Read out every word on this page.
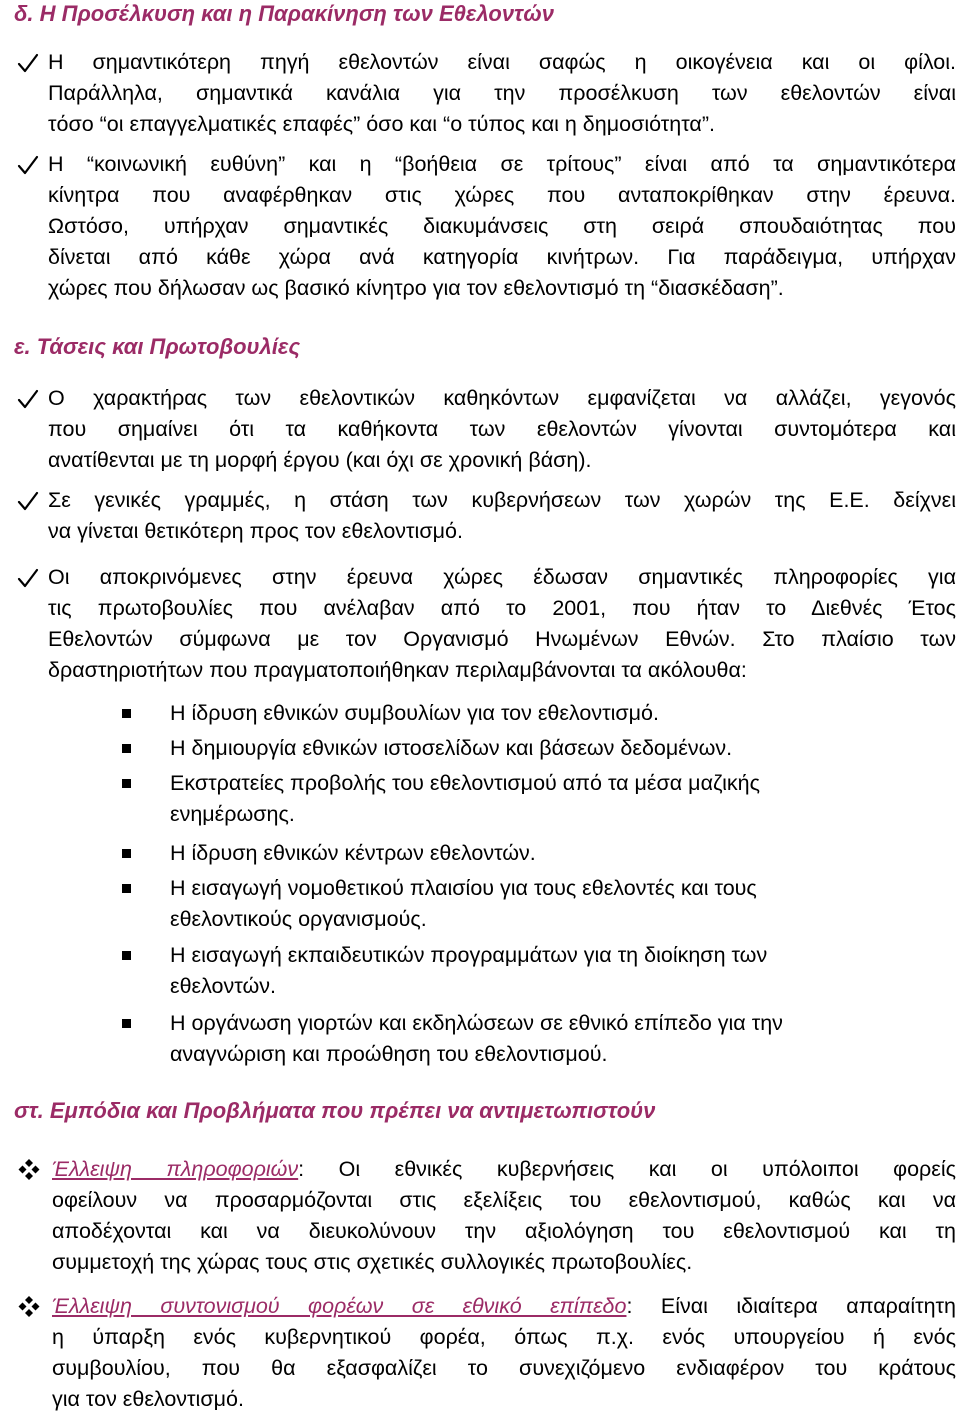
δ. Η Προσέλκυση και η Παρακίνηση των Εθελοντών
Η σημαντικότερη πηγή εθελοντών είναι σαφώς η οικογένεια και οι φίλοι.
Παράλληλα, σημαντικά κανάλια για την προσέλκυση των εθελοντών είναι
τόσο “οι επαγγελματικές επαφές” όσο και “ο τύπος και η δημοσιότητα”.
Η “κοινωνική ευθύνη” και η “βοήθεια σε τρίτους” είναι από τα σημαντικότερα
κίνητρα που αναφέρθηκαν στις χώρες που ανταποκρίθηκαν στην έρευνα.
Ωστόσο, υπήρχαν σημαντικές διακυμάνσεις στη σειρά σπουδαιότητας που
δίνεται από κάθε χώρα ανά κατηγορία κινήτρων. Για παράδειγμα, υπήρχαν
χώρες που δήλωσαν ως βασικό κίνητρο για τον εθελοντισμό τη “διασκέδαση”.
ε. Τάσεις και Πρωτοβουλίες
Ο χαρακτήρας των εθελοντικών καθηκόντων εμφανίζεται να αλλάζει, γεγονός
που σημαίνει ότι τα καθήκοντα των εθελοντών γίνονται συντομότερα και
ανατίθενται με τη μορφή έργου (και όχι σε χρονική βάση).
Σε γενικές γραμμές, η στάση των κυβερνήσεων των χωρών της Ε.Ε. δείχνει
να γίνεται θετικότερη προς τον εθελοντισμό.
Οι αποκρινόμενες στην έρευνα χώρες έδωσαν σημαντικές πληροφορίες για
τις πρωτοβουλίες που ανέλαβαν από το 2001, που ήταν το Διεθνές Έτος
Εθελοντών σύμφωνα με τον Οργανισμό Ηνωμένων Εθνών. Στο πλαίσιο των
δραστηριοτήτων που πραγματοποιήθηκαν περιλαμβάνονται τα ακόλουθα:
Η ίδρυση εθνικών συμβουλίων για τον εθελοντισμό.
Η δημιουργία εθνικών ιστοσελίδων και βάσεων δεδομένων.
Εκστρατείες προβολής του εθελοντισμού από τα μέσα μαζικής
ενημέρωσης.
Η ίδρυση εθνικών κέντρων εθελοντών.
Η εισαγωγή νομοθετικού πλαισίου για τους εθελοντές και τους
εθελοντικούς οργανισμούς.
Η εισαγωγή εκπαιδευτικών προγραμμάτων για τη διοίκηση των
εθελοντών.
Η οργάνωση γιορτών και εκδηλώσεων σε εθνικό επίπεδο για την
αναγνώριση και προώθηση του εθελοντισμού.
στ. Εμπόδια και Προβλήματα που πρέπει να αντιμετωπιστούν
Έλλειψη πληροφοριών: Οι εθνικές κυβερνήσεις και οι υπόλοιποι φορείς
οφείλουν να προσαρμόζονται στις εξελίξεις του εθελοντισμού, καθώς και να
αποδέχονται και να διευκολύνουν την αξιολόγηση του εθελοντισμού και τη
συμμετοχή της χώρας τους στις σχετικές συλλογικές πρωτοβουλίες.
Έλλειψη συντονισμού φορέων σε εθνικό επίπεδο: Είναι ιδιαίτερα απαραίτητη
η ύπαρξη ενός κυβερνητικού φορέα, όπως π.χ. ενός υπουργείου ή ενός
συμβουλίου, που θα εξασφαλίζει το συνεχιζόμενο ενδιαφέρον του κράτους
για τον εθελοντισμό.
